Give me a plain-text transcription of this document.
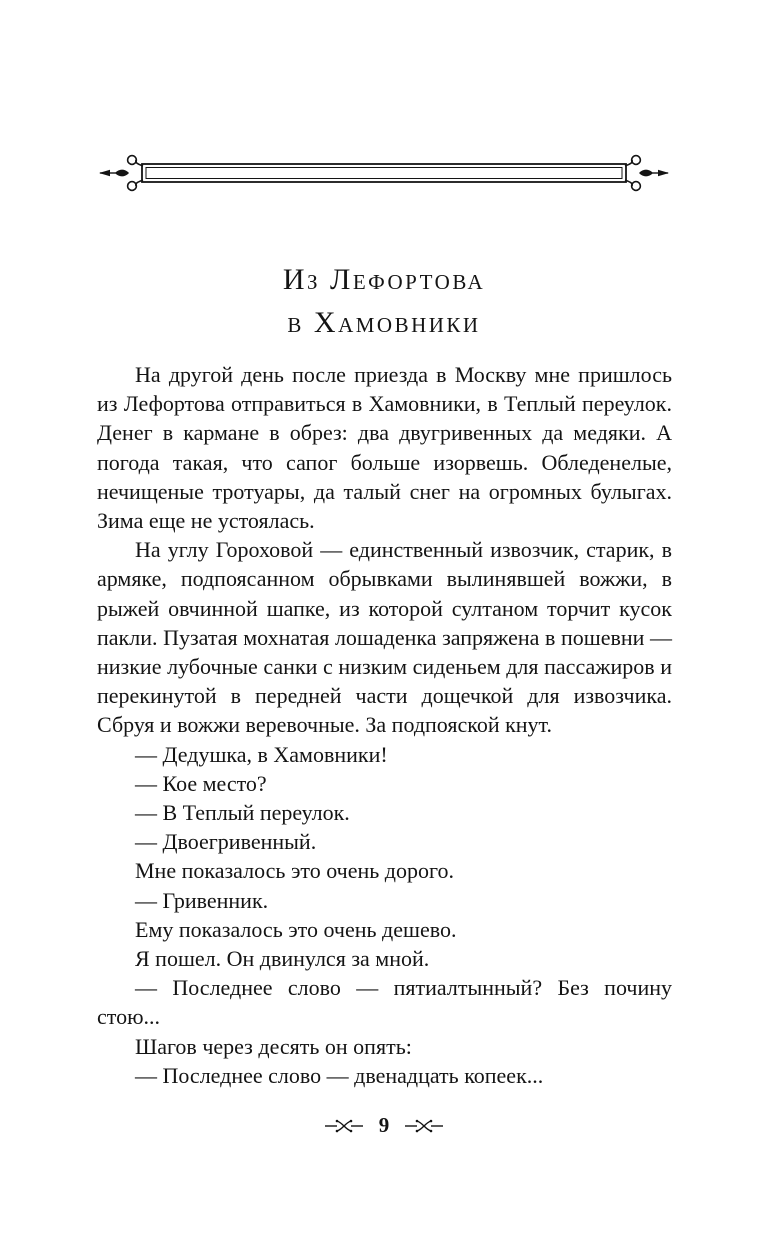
Из Лефортова
в Хамовники

На другой день после приезда в Москву мне пришлось из Лефортова отправиться в Хамовники, в Теплый переулок. Денег в кармане в обрез: два двугривенных да медяки. А погода такая, что сапог больше изорвешь. Обледенелые, нечищеные тротуары, да талый снег на огромных булыгах. Зима еще не устоялась.

На углу Гороховой — единственный извозчик, старик, в армяке, подпоясанном обрывками вылинявшей вожжи, в рыжей овчинной шапке, из которой султаном торчит кусок пакли. Пузатая мохнатая лошаденка запряжена в пошевни — низкие лубочные санки с низким сиденьем для пассажиров и перекинутой в передней части дощечкой для извозчика. Сбруя и вожжи веревочные. За подпояской кнут.

— Дедушка, в Хамовники!

— Кое место?

— В Теплый переулок.

— Двоегривенный.

Мне показалось это очень дорого.

— Гривенник.

Ему показалось это очень дешево.

Я пошел. Он двинулся за мной.

— Последнее слово — пятиалтынный? Без почину стою...

Шагов через десять он опять:

— Последнее слово — двенадцать копеек...

9
